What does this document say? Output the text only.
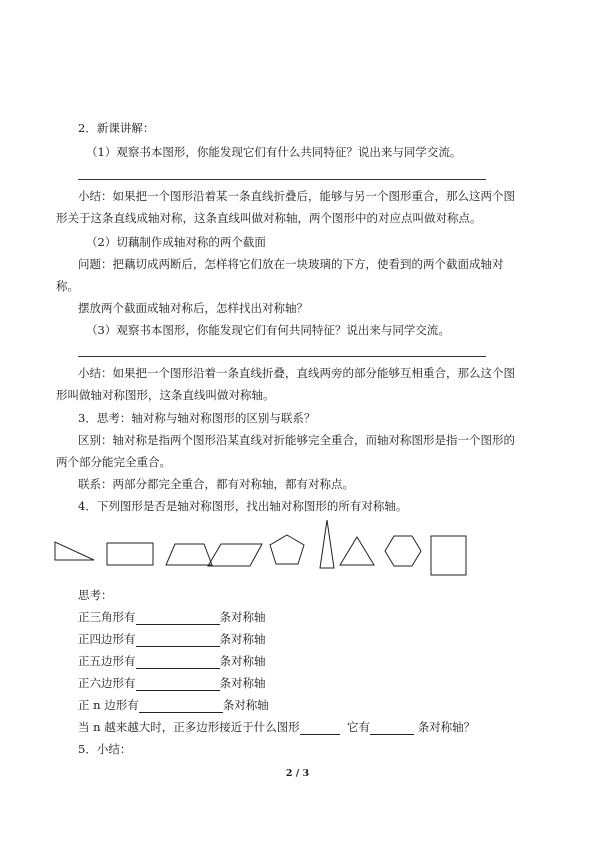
2．新课讲解：
（1）观察书本图形，你能发现它们有什么共同特征？说出来与同学交流。
小结：如果把一个图形沿着某一条直线折叠后，能够与另一个图形重合，那么这两个图
形关于这条直线成轴对称，这条直线叫做对称轴，两个图形中的对应点叫做对称点。
（2）切藕制作成轴对称的两个截面
问题：把藕切成两断后，怎样将它们放在一块玻璃的下方，使看到的两个截面成轴对
称。
摆放两个截面成轴对称后，怎样找出对称轴？
（3）观察书本图形，你能发现它们有何共同特征？说出来与同学交流。
小结：如果把一个图形沿着一条直线折叠，直线两旁的部分能够互相重合，那么这个图
形叫做轴对称图形，这条直线叫做对称轴。
3．思考：轴对称与轴对称图形的区别与联系？
区别：轴对称是指两个图形沿某直线对折能够完全重合，而轴对称图形是指一个图形的
两个部分能完全重合。
联系：两部分都完全重合，都有对称轴，都有对称点。
4．下列图形是否是轴对称图形，找出轴对称图形的所有对称轴。
思考：
正三角形有	条对称轴
正四边形有	条对称轴
正五边形有	条对称轴
正六边形有	条对称轴
正 n 边形有	条对称轴
当 n 越来越大时，正多边形接近于什么图形	它有	条对称轴？
5．小结：
2 / 3
